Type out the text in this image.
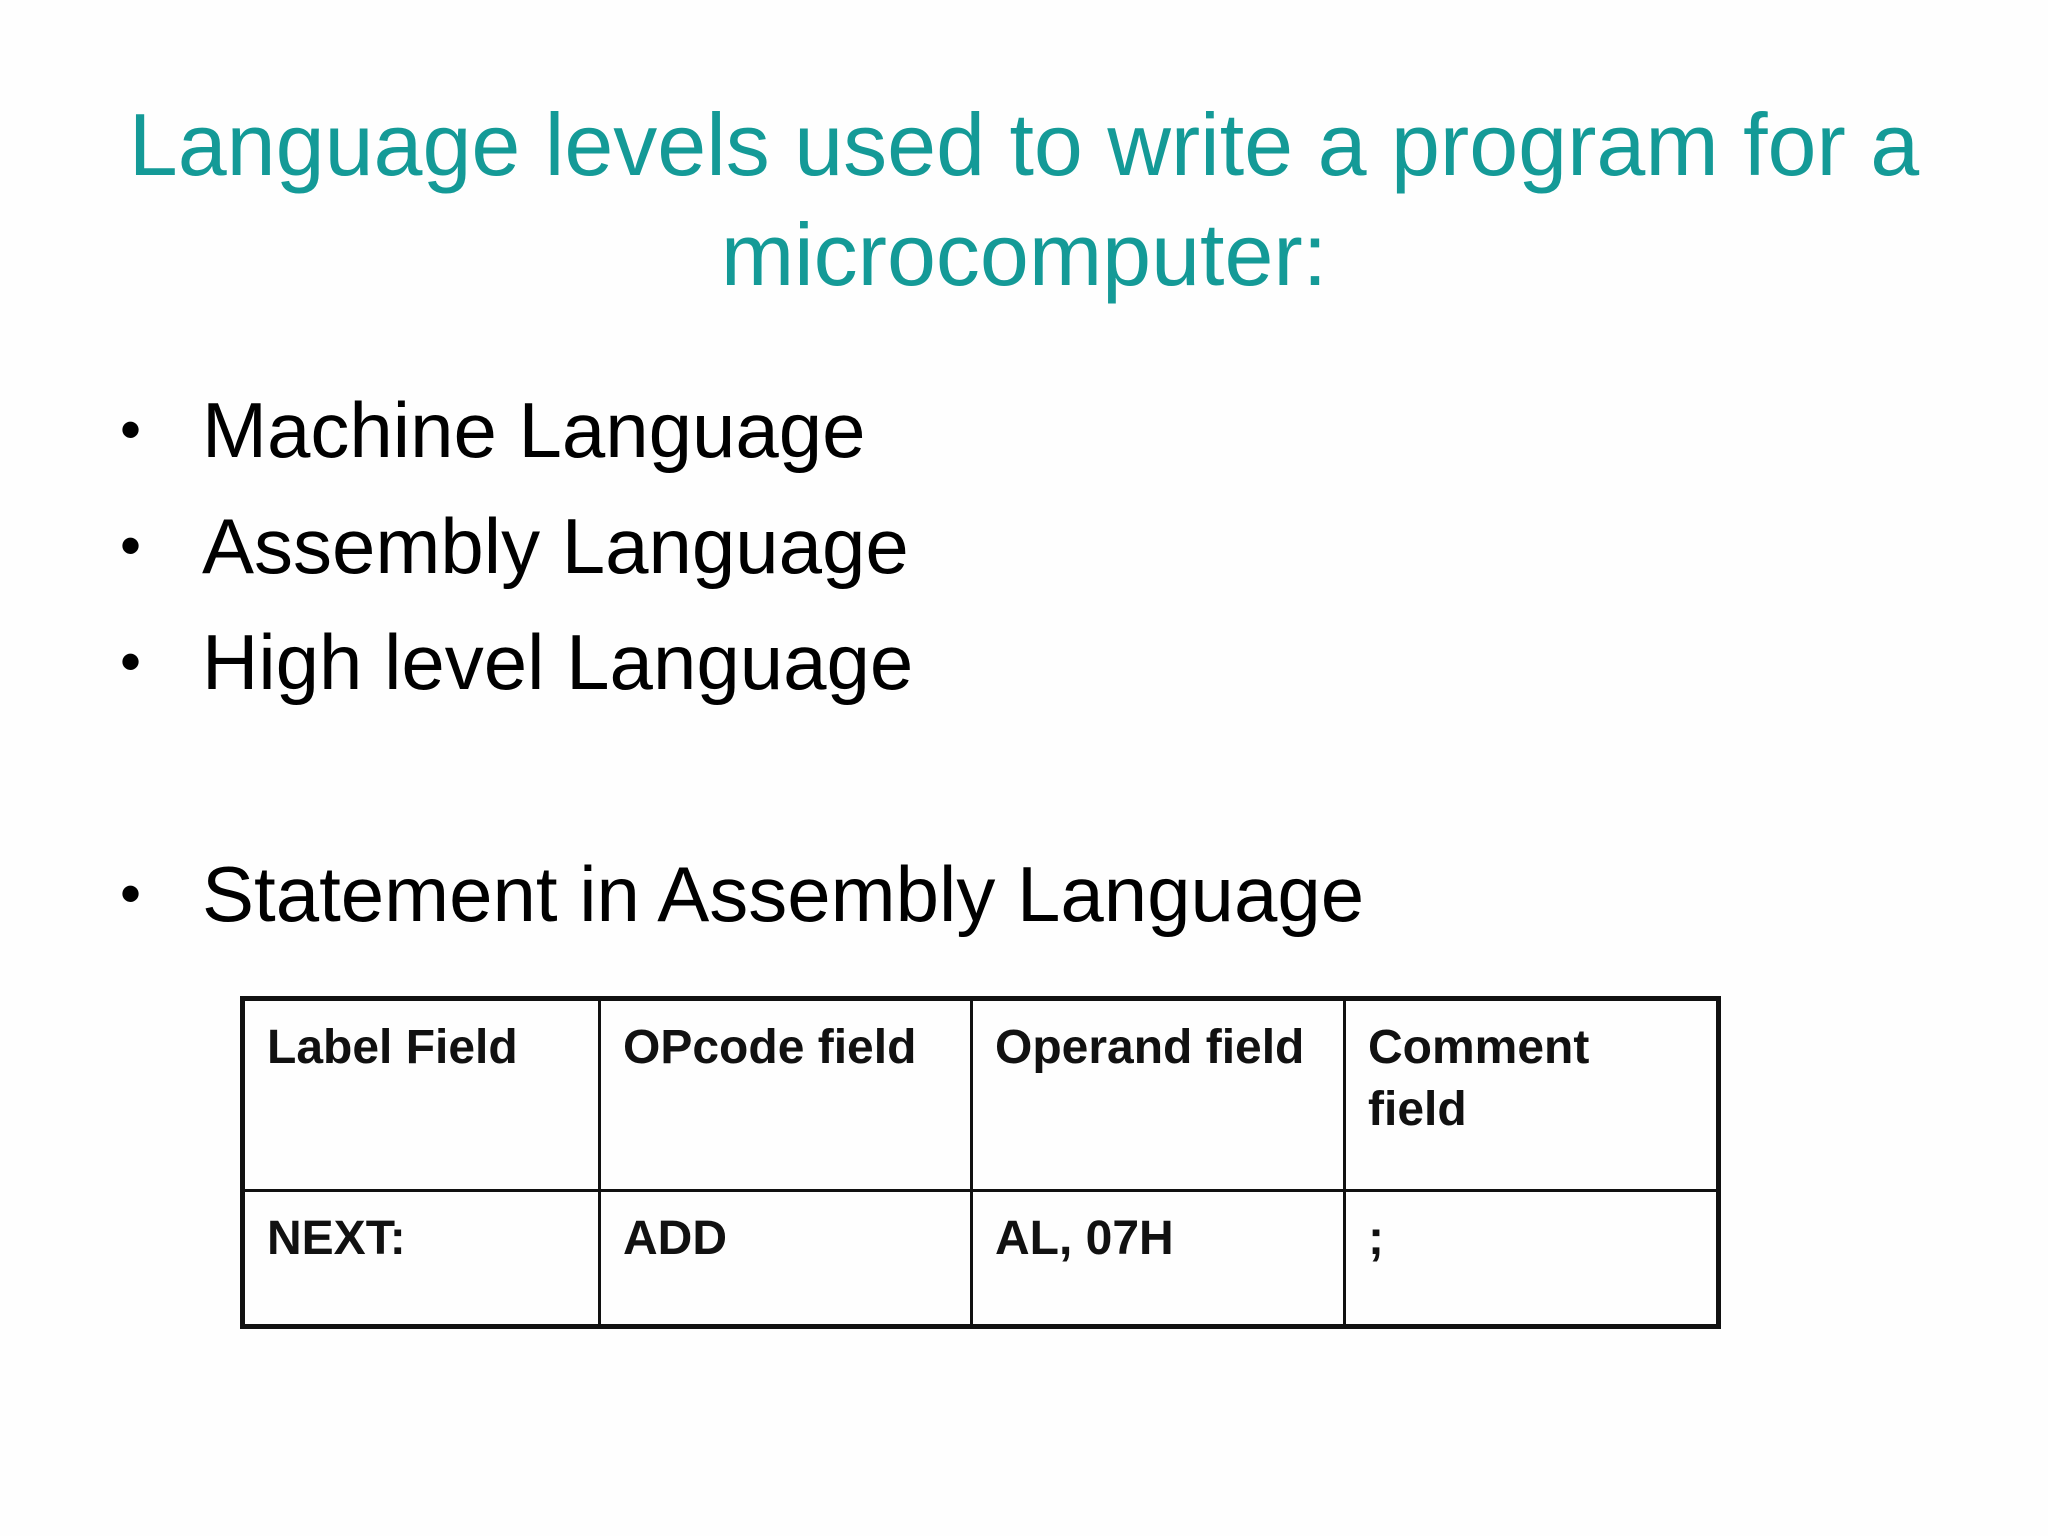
Language levels used to write a program for a microcomputer:
• Machine Language
• Assembly Language
• High level Language
• Statement in Assembly Language
Label Field	OPcode field	Operand field	Comment field
NEXT:	ADD	AL, 07H	;
